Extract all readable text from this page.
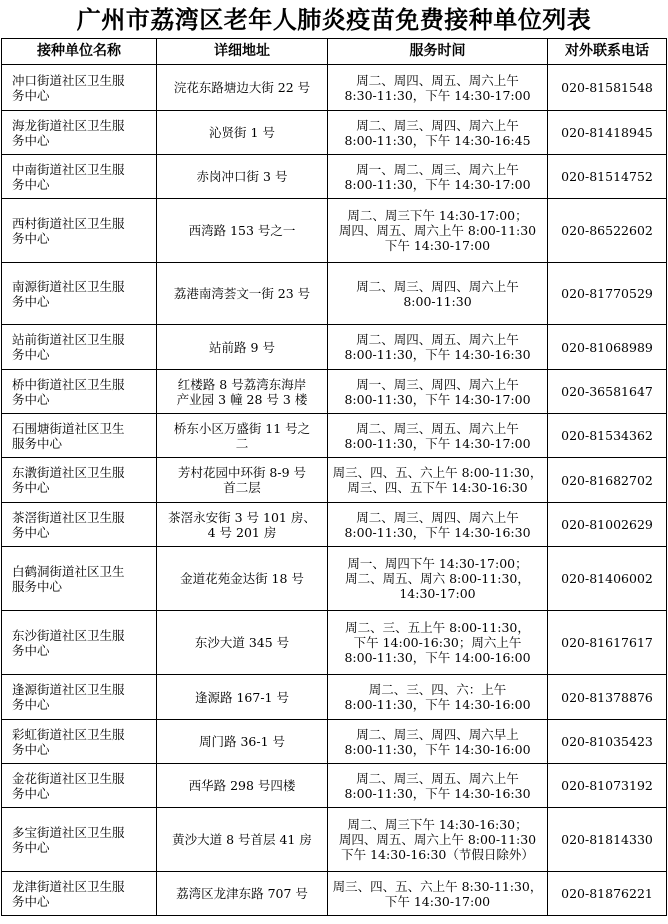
广州市荔湾区老年人肺炎疫苗免费接种单位列表
接种单位名称	详细地址	服务时间	对外联系电话

冲口街道社区卫生服
务中心	浣花东路塘边大街 22 号	周二、周四、周五、周六上午
8:30-11:30，下午 14:30-17:00	020-81581548

海龙街道社区卫生服
务中心	沁贤街 1 号	周二、周三、周四、周六上午
8:00-11:30，下午 14:30-16:45	020-81418945

中南街道社区卫生服
务中心	赤岗冲口街 3 号	周一、周二、周三、周六上午
8:00-11:30，下午 14:30-17:00	020-81514752

西村街道社区卫生服
务中心	西湾路 153 号之一	周二、周三下午 14:30-17:00；
周四、周五、周六上午 8:00-11:30
下午 14:30-17:00	020-86522602

南源街道社区卫生服
务中心	荔港南湾荟文一街 23 号	周二、周三、周四、周六上午
8:00-11:30	020-81770529

站前街道社区卫生服
务中心	站前路 9 号	周二、周四、周五、周六上午
8:00-11:30，下午 14:30-16:30	020-81068989

桥中街道社区卫生服
务中心	红楼路 8 号荔湾东海岸
产业园 3 幢 28 号 3 楼	周一、周三、周四、周六上午
8:00-11:30，下午 14:30-17:00	020-36581647

石围塘街道社区卫生
服务中心	桥东小区万盛街 11 号之
二	周二、周三、周五、周六上午
8:00-11:30，下午 14:30-17:00	020-81534362

东漖街道社区卫生服
务中心	芳村花园中环街 8-9 号
首二层	周三、四、五、六上午 8:00-11:30，
周三、四、五下午 14:30-16:30	020-81682702

茶滘街道社区卫生服
务中心	茶滘永安街 3 号 101 房、
4 号 201 房	周二、周三、周四、周六上午
8:00-11:30，下午 14:30-16:30	020-81002629

白鹤洞街道社区卫生
服务中心	金道花苑金达街 18 号	周一、周四下午 14:30-17:00；
周二、周五、周六 8:00-11:30，
14:30-17:00	020-81406002

东沙街道社区卫生服
务中心	东沙大道 345 号	周二、三、五上午 8:00-11:30，
下午 14:00-16:30；周六上午
8:00-11:30，下午 14:00-16:00	020-81617617

逢源街道社区卫生服
务中心	逢源路 167-1 号	周二、三、四、六：上午
8:00-11:30，下午 14:30-16:00	020-81378876

彩虹街道社区卫生服
务中心	周门路 36-1 号	周二、周三、周四、周六早上
8:00-11:30，下午 14:30-16:00	020-81035423

金花街道社区卫生服
务中心	西华路 298 号四楼	周二、周三、周五、周六上午
8:00-11:30，下午 14:30-16:30	020-81073192

多宝街道社区卫生服
务中心	黄沙大道 8 号首层 41 房	周二、周三下午 14:30-16:30；
周四、周五、周六上午 8:00-11:30
下午 14:30-16:30（节假日除外）	020-81814330

龙津街道社区卫生服
务中心	荔湾区龙津东路 707 号	周三、四、五、六上午 8:30-11:30，
下午 14:30-17:00	020-81876221
